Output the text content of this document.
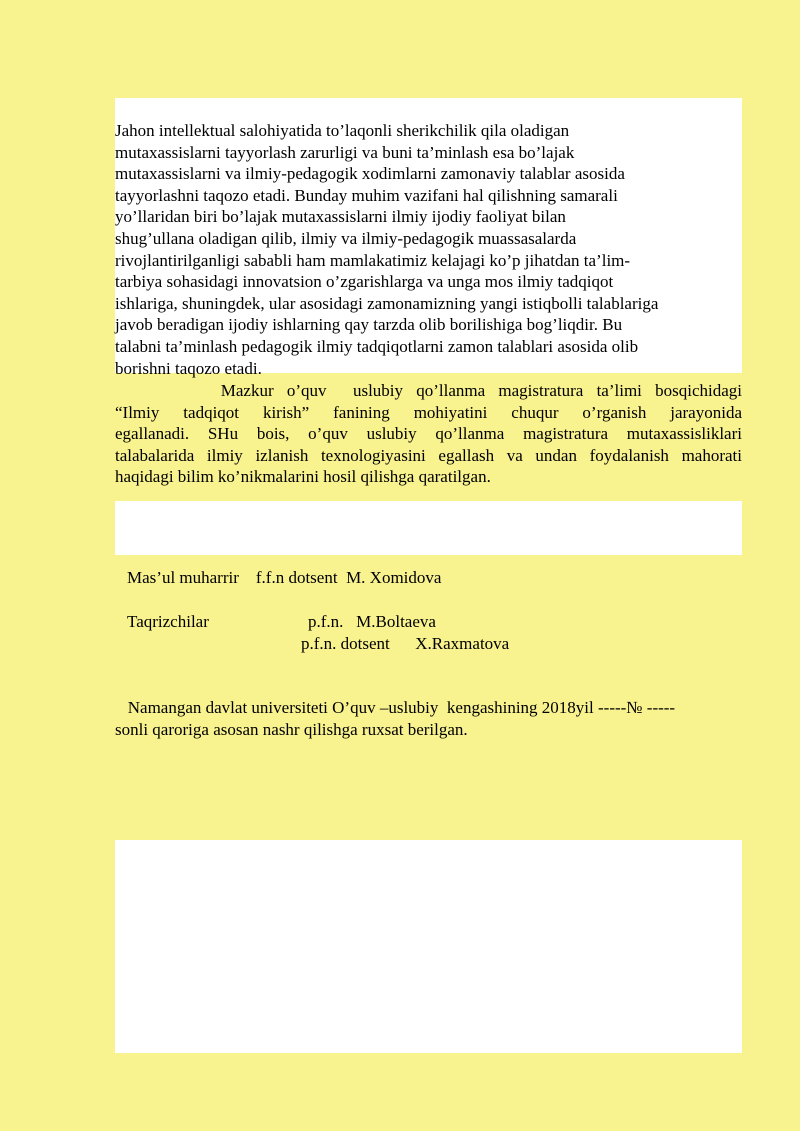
Jahon intellektual salohiyatida to’laqonli sherikchilik qila oladigan
mutaxassislarni tayyorlash zarurligi va buni ta’minlash esa bo’lajak
mutaxassislarni va ilmiy-pedagogik xodimlarni zamonaviy talablar asosida
tayyorlashni taqozo etadi. Bunday muhim vazifani hal qilishning samarali
yo’llaridan biri bo’lajak mutaxassislarni ilmiy ijodiy faoliyat bilan
shug’ullana oladigan qilib, ilmiy va ilmiy-pedagogik muassasalarda
rivojlantirilganligi sababli ham mamlakatimiz kelajagi ko’p jihatdan ta’lim-
tarbiya sohasidagi innovatsion o’zgarishlarga va unga mos ilmiy tadqiqot
ishlariga, shuningdek, ular asosidagi zamonamizning yangi istiqbolli talablariga
javob beradigan ijodiy ishlarning qay tarzda olib borilishiga bog’liqdir. Bu
talabni ta’minlash pedagogik ilmiy tadqiqotlarni zamon talablari asosida olib
borishni taqozo etadi.
Mazkur o’quv  uslubiy qo’llanma magistratura ta’limi bosqichidagi
“Ilmiy tadqiqot kirish” fanining mohiyatini chuqur o’rganish jarayonida
egallanadi. SHu bois, o’quv uslubiy qo’llanma magistratura mutaxassisliklari
talabalarida ilmiy izlanish texnologiyasini egallash va undan foydalanish mahorati
haqidagi bilim ko’nikmalarini hosil qilishga qaratilgan.
Mas’ul muharrir    f.f.n dotsent  M. Xomidova
Taqrizchilar	p.f.n.   M.Boltaeva
p.f.n. dotsent      X.Raxmatova
Namangan davlat universiteti O’quv –uslubiy  kengashining 2018yil -----№ -----
sonli qaroriga asosan nashr qilishga ruxsat berilgan.
